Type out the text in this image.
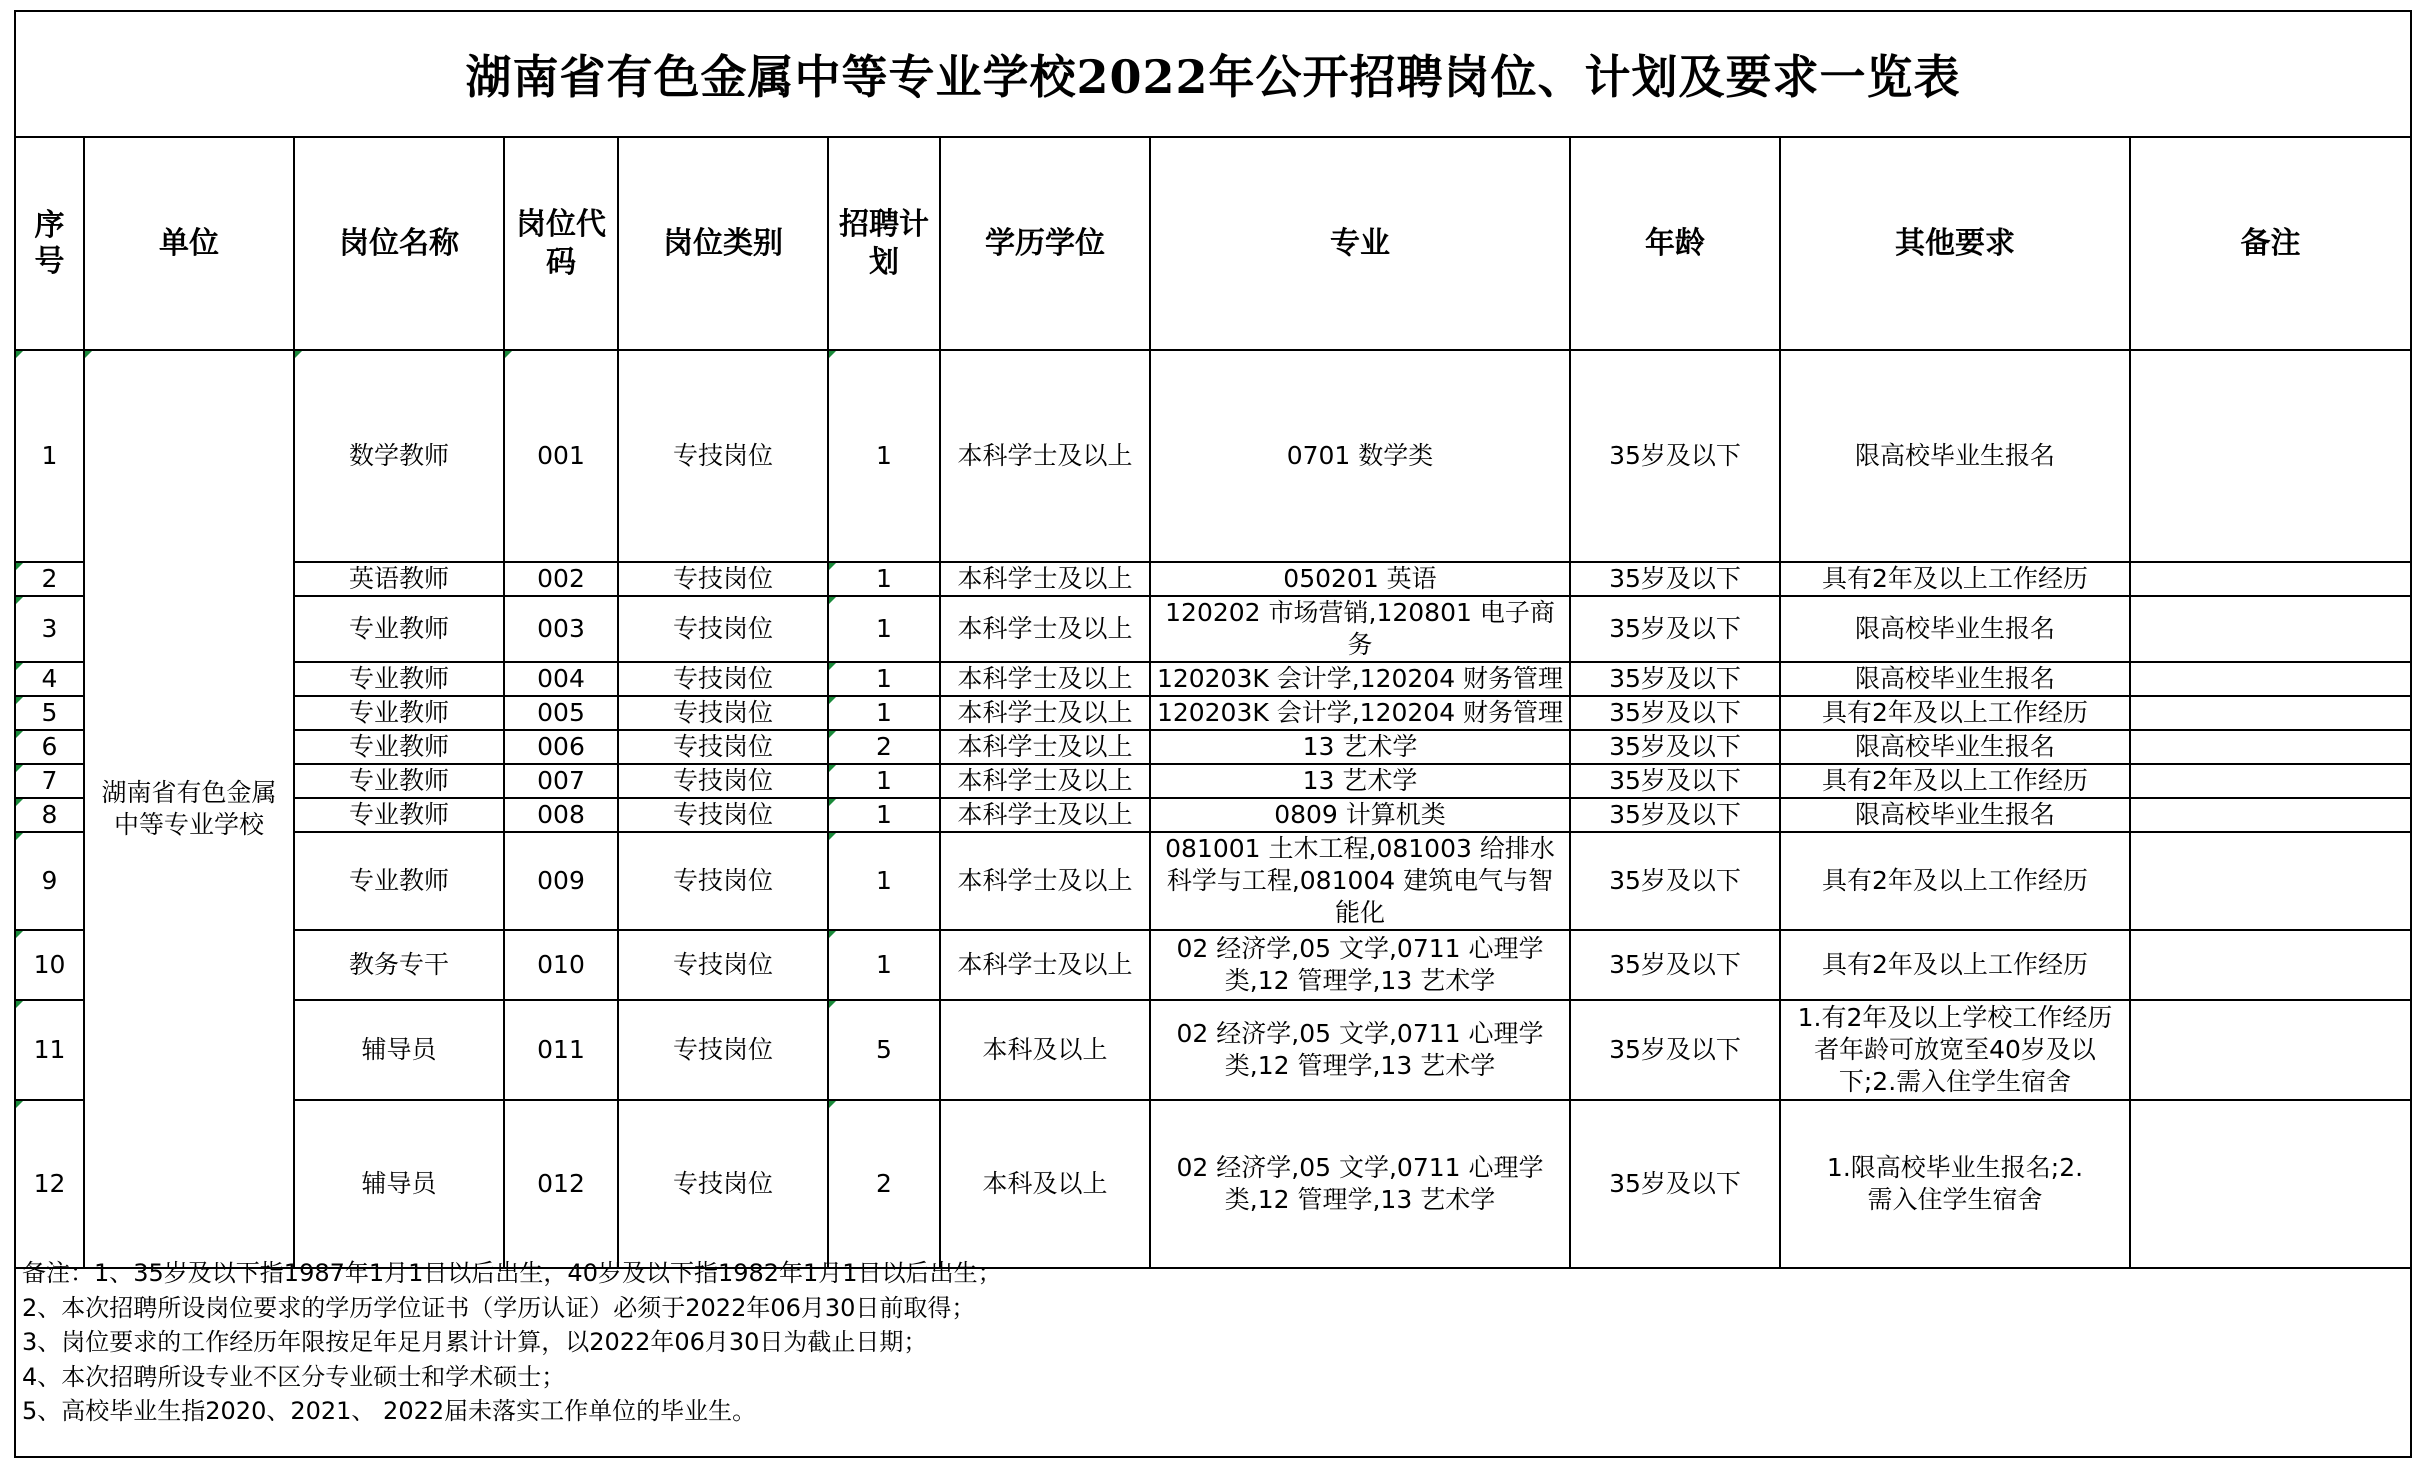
湖南省有色金属中等专业学校2022年公开招聘岗位、计划及要求一览表
序号	单位	岗位名称	岗位代码	岗位类别	招聘计划	学历学位	专业	年龄	其他要求	备注
1	湖南省有色金属中等专业学校	数学教师	001	专技岗位	1	本科学士及以上	0701 数学类	35岁及以下	限高校毕业生报名	
2		英语教师	002	专技岗位	1	本科学士及以上	050201 英语	35岁及以下	具有2年及以上工作经历	
3		专业教师	003	专技岗位	1	本科学士及以上	120202 市场营销,120801 电子商务	35岁及以下	限高校毕业生报名	
4		专业教师	004	专技岗位	1	本科学士及以上	120203K 会计学,120204 财务管理	35岁及以下	限高校毕业生报名	
5		专业教师	005	专技岗位	1	本科学士及以上	120203K 会计学,120204 财务管理	35岁及以下	具有2年及以上工作经历	
6		专业教师	006	专技岗位	2	本科学士及以上	13 艺术学	35岁及以下	限高校毕业生报名	
7		专业教师	007	专技岗位	1	本科学士及以上	13 艺术学	35岁及以下	具有2年及以上工作经历	
8		专业教师	008	专技岗位	1	本科学士及以上	0809 计算机类	35岁及以下	限高校毕业生报名	
9		专业教师	009	专技岗位	1	本科学士及以上	081001 土木工程,081003 给排水科学与工程,081004 建筑电气与智能化	35岁及以下	具有2年及以上工作经历	
10		教务专干	010	专技岗位	1	本科学士及以上	02 经济学,05 文学,0711 心理学类,12 管理学,13 艺术学	35岁及以下	具有2年及以上工作经历	
11		辅导员	011	专技岗位	5	本科及以上	02 经济学,05 文学,0711 心理学类,12 管理学,13 艺术学	35岁及以下	1.有2年及以上学校工作经历者年龄可放宽至40岁及以下;2.需入住学生宿舍	
12		辅导员	012	专技岗位	2	本科及以上	02 经济学,05 文学,0711 心理学类,12 管理学,13 艺术学	35岁及以下	1.限高校毕业生报名;2.需入住学生宿舍	
备注：1、35岁及以下指1987年1月1日以后出生，40岁及以下指1982年1月1日以后出生；
2、本次招聘所设岗位要求的学历学位证书（学历认证）必须于2022年06月30日前取得；
3、岗位要求的工作经历年限按足年足月累计计算，以2022年06月30日为截止日期；
4、本次招聘所设专业不区分专业硕士和学术硕士；
5、高校毕业生指2020、2021、 2022届未落实工作单位的毕业生。
